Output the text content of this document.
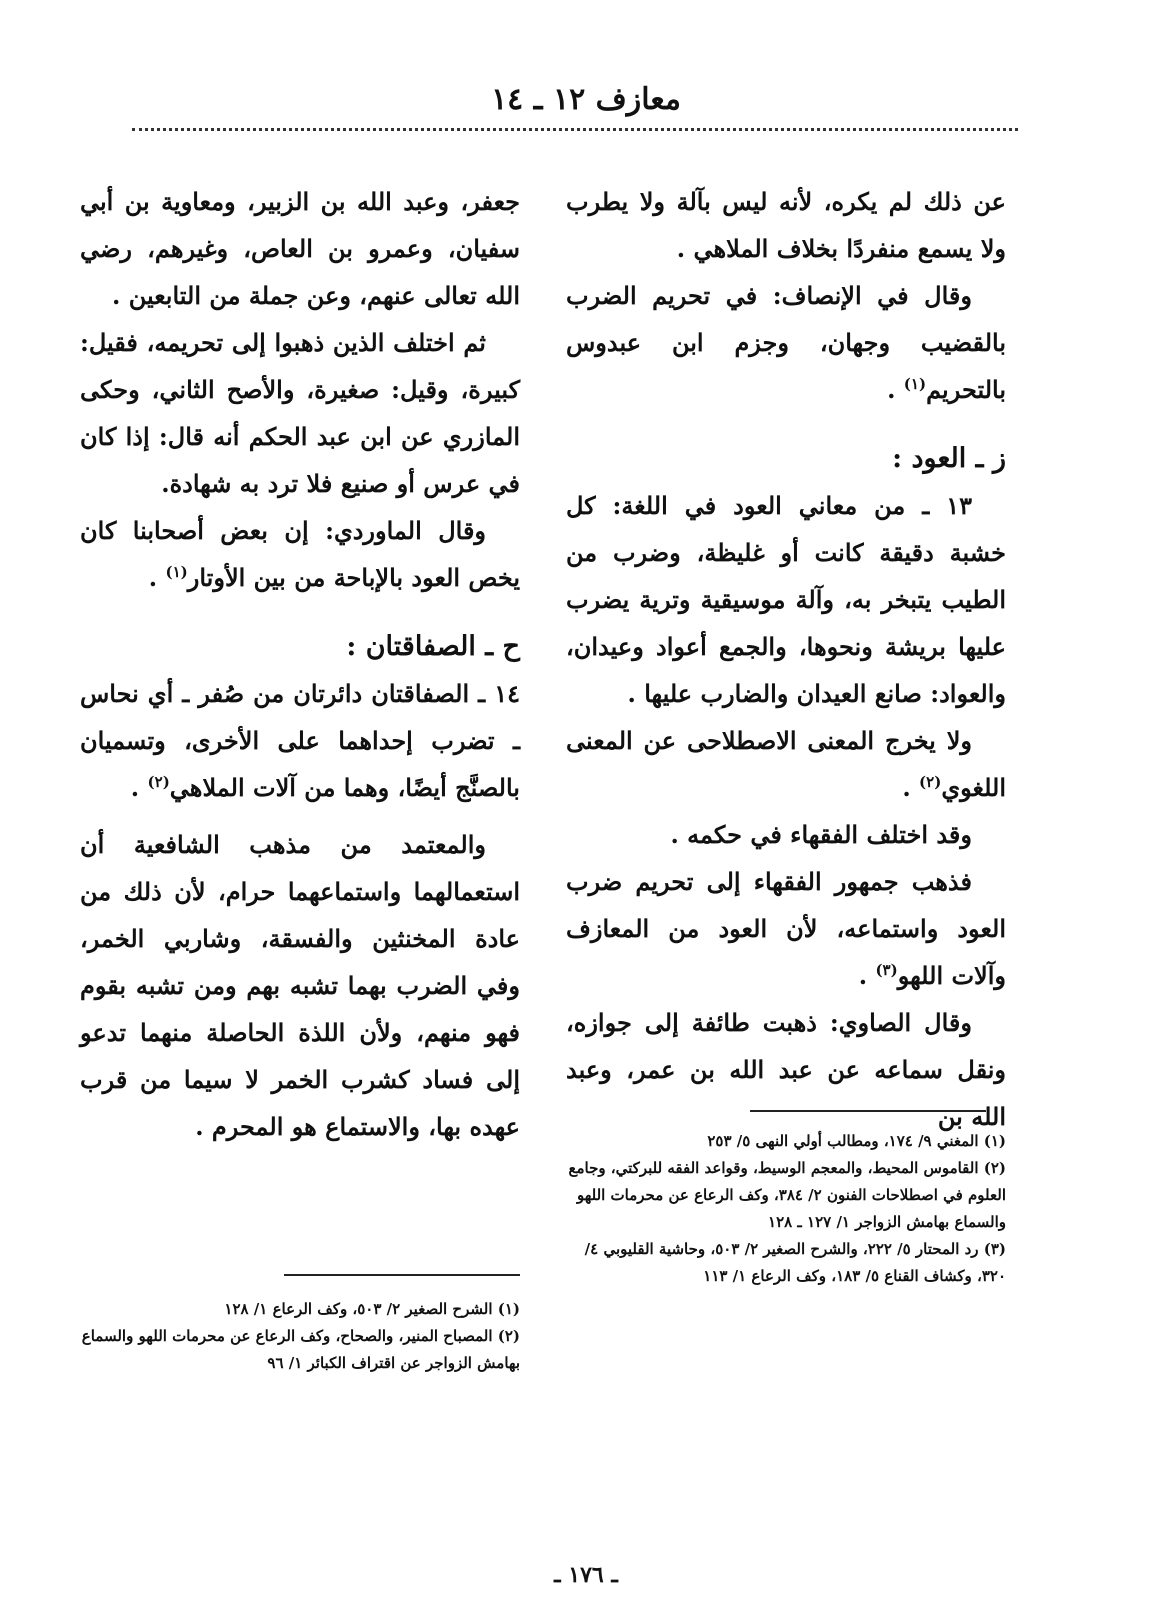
معازف ١٢ ـ ١٤

عن ذلك لم يكره، لأنه ليس بآلة ولا يطرب ولا يسمع منفردًا بخلاف الملاهي .

وقال في الإنصاف: في تحريم الضرب بالقضيب وجهان، وجزم ابن عبدوس بالتحريم$^{(١)}$ .

ز ـ العود :

١٣ ـ من معاني العود في اللغة: كل خشبة دقيقة كانت أو غليظة، وضرب من الطيب يتبخر به، وآلة موسيقية وترية يضرب عليها بريشة ونحوها، والجمع أعواد وعيدان، والعواد: صانع العيدان والضارب عليها .

ولا يخرج المعنى الاصطلاحى عن المعنى اللغوي$^{(٢)}$ .

وقد اختلف الفقهاء في حكمه .

فذهب جمهور الفقهاء إلى تحريم ضرب العود واستماعه، لأن العود من المعازف وآلات اللهو$^{(٣)}$ .

وقال الصاوي: ذهبت طائفة إلى جوازه، ونقل سماعه عن عبد الله بن عمر، وعبد الله بن

جعفر، وعبد الله بن الزبير، ومعاوية بن أبي سفيان، وعمرو بن العاص، وغيرهم، رضي الله تعالى عنهم، وعن جملة من التابعين .

ثم اختلف الذين ذهبوا إلى تحريمه، فقيل: كبيرة، وقيل: صغيرة، والأصح الثاني، وحكى المازري عن ابن عبد الحكم أنه قال: إذا كان في عرس أو صنيع فلا ترد به شهادة.

وقال الماوردي: إن بعض أصحابنا كان يخص العود بالإباحة من بين الأوتار$^{(١)}$ .

ح ـ الصفاقتان :

١٤ ـ الصفاقتان دائرتان من صُفر ـ أي نحاس ـ تضرب إحداهما على الأخرى، وتسميان بالصنَّج أيضًا، وهما من آلات الملاهي$^{(٢)}$ .

والمعتمد من مذهب الشافعية أن استعمالهما واستماعهما حرام، لأن ذلك من عادة المخنثين والفسقة، وشاربي الخمر، وفي الضرب بهما تشبه بهم ومن تشبه بقوم فهو منهم، ولأن اللذة الحاصلة منهما تدعو إلى فساد كشرب الخمر لا سيما من قرب عهده بها، والاستماع هو المحرم .	(١) المغني ٩/ ١٧٤، ومطالب أولي النهى ٥/ ٢٥٣

(٢) القاموس المحيط، والمعجم الوسيط، وقواعد الفقه للبركتي، وجامع العلوم في اصطلاحات الفنون ٢/ ٣٨٤، وكف الرعاع عن محرمات اللهو والسماع بهامش الزواجر ١/ ١٢٧ ـ ١٢٨

(٣) رد المحتار ٥/ ٢٢٢، والشرح الصغير ٢/ ٥٠٣، وحاشية القليوبي ٤/ ٣٢٠، وكشاف القناع ٥/ ١٨٣، وكف الرعاع ١/ ١١٣

(١) الشرح الصغير ٢/ ٥٠٣، وكف الرعاع ١/ ١٢٨

(٢) المصباح المنير، والصحاح، وكف الرعاع عن محرمات اللهو والسماع بهامش الزواجر عن اقتراف الكبائر ١/ ٩٦

ـ ١٧٦ ـ
